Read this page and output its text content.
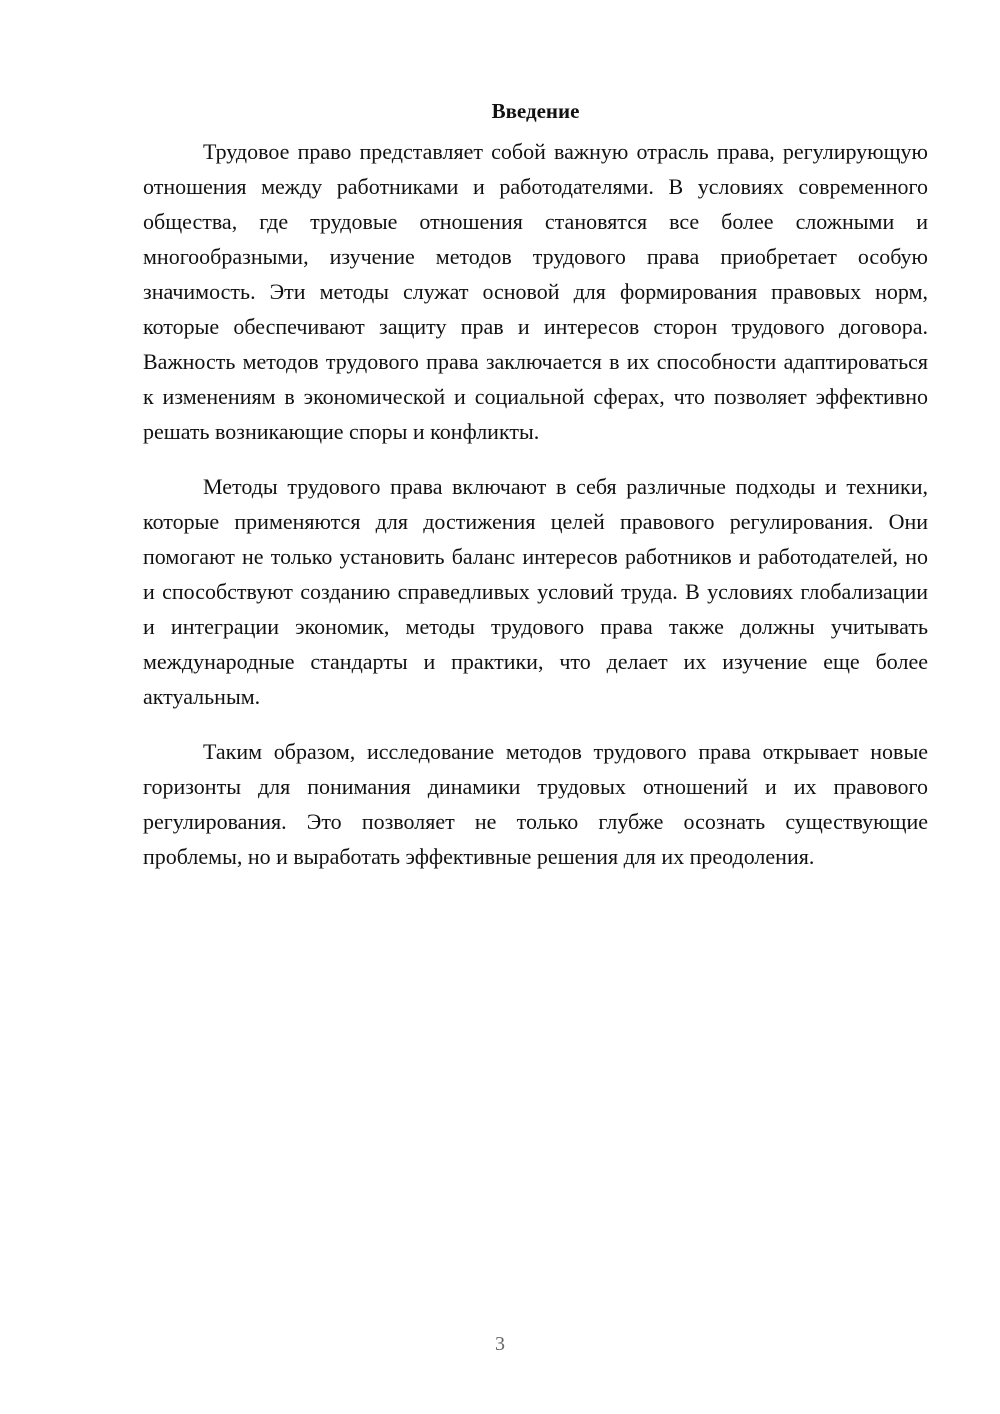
Введение

Трудовое право представляет собой важную отрасль права, регулирующую отношения между работниками и работодателями. В условиях современного общества, где трудовые отношения становятся все более сложными и многообразными, изучение методов трудового права приобретает особую значимость. Эти методы служат основой для формирования правовых норм, которые обеспечивают защиту прав и интересов сторон трудового договора. Важность методов трудового права заключается в их способности адаптироваться к изменениям в экономической и социальной сферах, что позволяет эффективно решать возникающие споры и конфликты.

Методы трудового права включают в себя различные подходы и техники, которые применяются для достижения целей правового регулирования. Они помогают не только установить баланс интересов работников и работодателей, но и способствуют созданию справедливых условий труда. В условиях глобализации и интеграции экономик, методы трудового права также должны учитывать международные стандарты и практики, что делает их изучение еще более актуальным.

Таким образом, исследование методов трудового права открывает новые горизонты для понимания динамики трудовых отношений и их правового регулирования. Это позволяет не только глубже осознать существующие проблемы, но и выработать эффективные решения для их преодоления.

3
